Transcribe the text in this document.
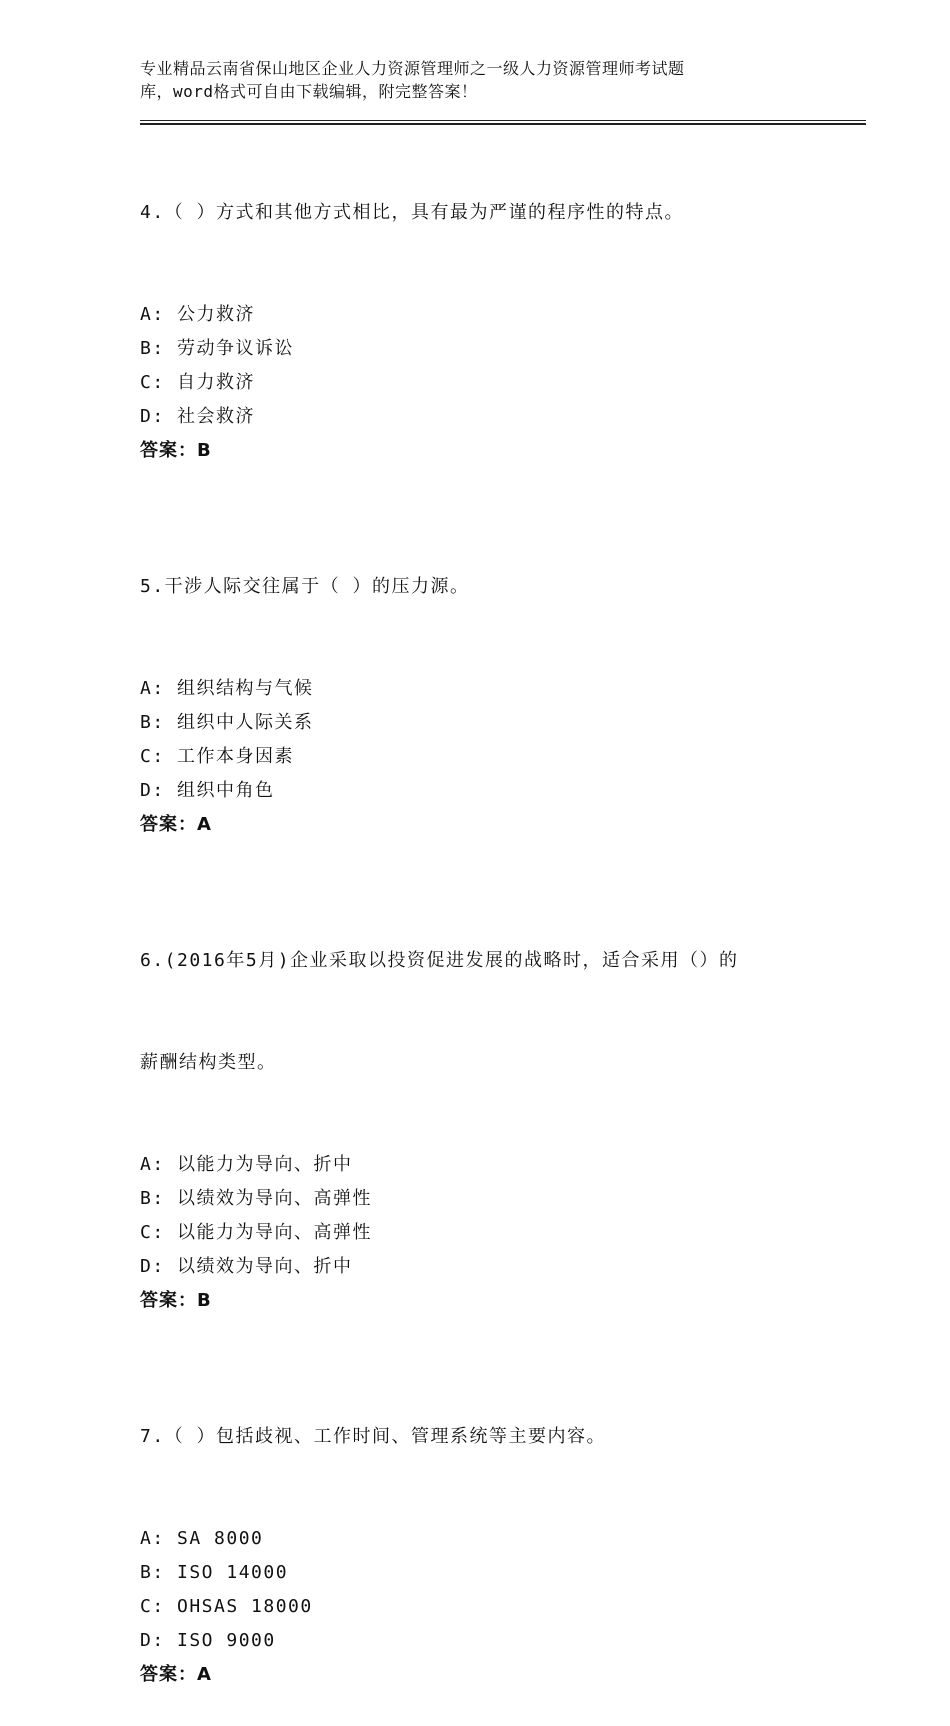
专业精品云南省保山地区企业人力资源管理师之一级人力资源管理师考试题
库，word格式可自由下载编辑，附完整答案！

4.（ ）方式和其他方式相比，具有最为严谨的程序性的特点。

A: 公力救济
B: 劳动争议诉讼
C: 自力救济
D: 社会救济
答案：B

5.干涉人际交往属于（ ）的压力源。

A: 组织结构与气候
B: 组织中人际关系
C: 工作本身因素
D: 组织中角色
答案：A

6.(2016年5月)企业采取以投资促进发展的战略时，适合采用（）的

薪酬结构类型。

A: 以能力为导向、折中
B: 以绩效为导向、高弹性
C: 以能力为导向、高弹性
D: 以绩效为导向、折中
答案：B

7.（ ）包括歧视、工作时间、管理系统等主要内容。

A: SA 8000
B: ISO 14000
C: OHSAS 18000
D: ISO 9000
答案：A
